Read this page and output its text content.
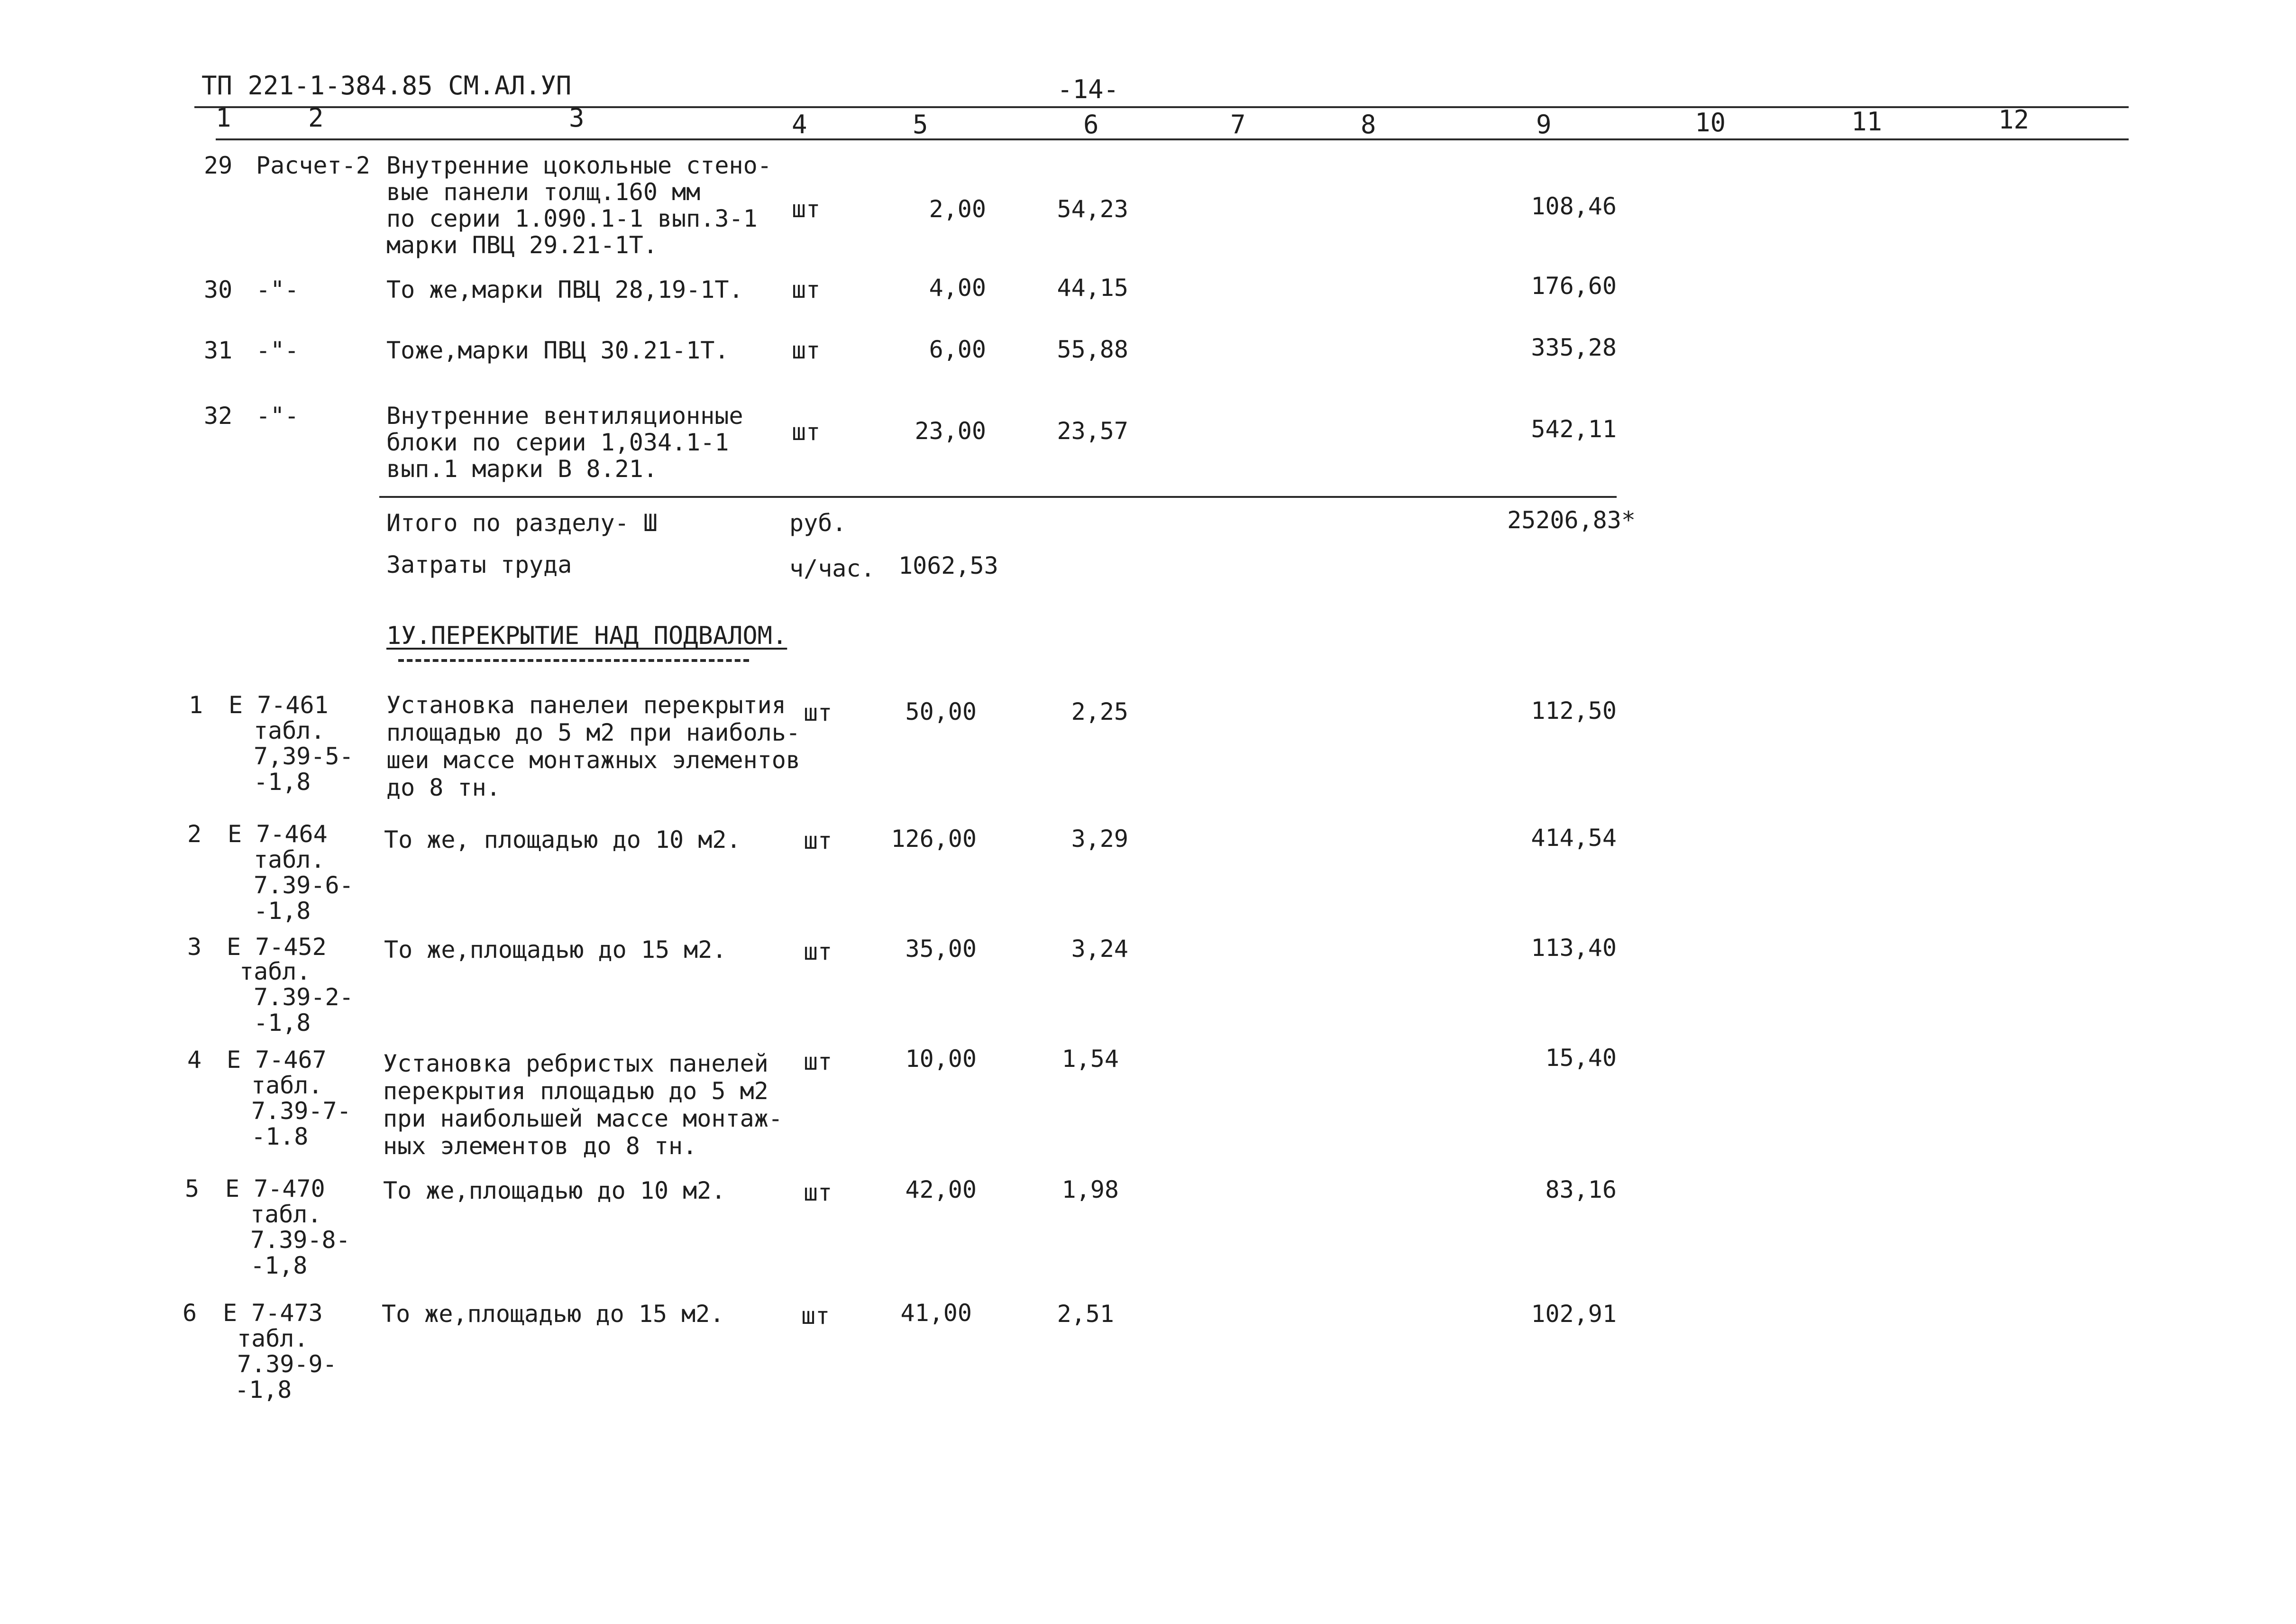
ТП 221-1-384.85 СМ.АЛ.УП	-14-
1	2	3	4	5	6	7	8	9	10	11	12
29 Расчет-2 Внутренние цокольные стено-
вые панели толщ.160 мм
по серии 1.090.1-1 вып.3-1
марки ПВЦ 29.21-1Т.
шт	2,00	54,23	108,46
30 -"-	То же,марки ПВЦ 28,19-1Т. шт	4,00	44,15	176,60
31 -"-	Тоже,марки ПВЦ 30.21-1Т.	шт	6,00	55,88	335,28
32 -"-	Внутренние вентиляционные
блоки по серии 1,034.1-1
вып.1 марки В 8.21.
шт	23,00	23,57	542,11
Итого по разделу- Ш	руб.	25206,83*
Затраты труда	ч/час. 1062,53
1У.ПЕРЕКРЫТИЕ НАД ПОДВАЛОМ.
1 Е 7-461
табл.
7,39-5-
-1,8
Установка панелеи перекрытия
площадью до 5 м2 при наиболь-
шеи массе монтажных элементов
до 8 тн.
шт	50,00	2,25	112,50
2 Е 7-464
табл.
7.39-6-
-1,8
То же, площадью до 10 м2.	шт	126,00	3,29	414,54
3 Е 7-452
табл.
7.39-2-
-1,8
То же,площадью до 15 м2.	шт	35,00	3,24	113,40
4 Е 7-467
табл.
7.39-7-
-1.8
Установка ребристых панелей
перекрытия площадью до 5 м2
при наибольшей массе монтаж-
ных элементов до 8 тн.
шт	10,00	1,54	15,40
5 Е 7-470
табл.
7.39-8-
-1,8
То же,площадью до 10 м2.	шт	42,00	1,98	83,16
6 Е 7-473
табл.
7.39-9-
-1,8
То же,площадью до 15 м2.	шт	41,00	2,51	102,91
